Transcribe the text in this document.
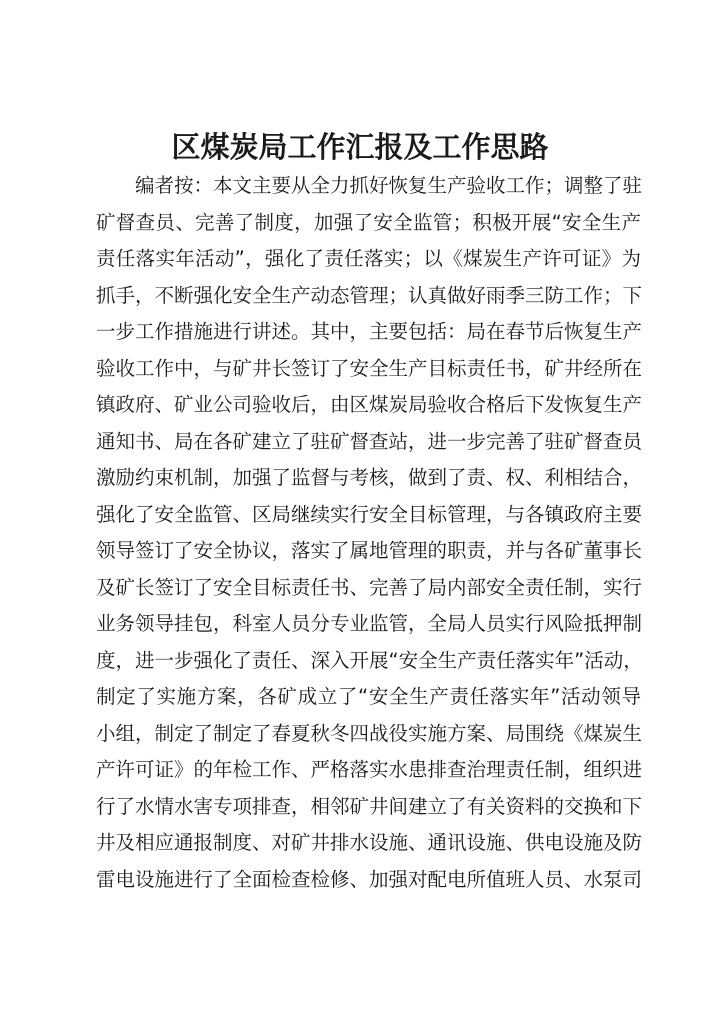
区煤炭局工作汇报及工作思路
编者按：本文主要从全力抓好恢复生产验收工作；调整了驻
矿督查员、完善了制度，加强了安全监管；积极开展“安全生产
责任落实年活动”，强化了责任落实；以《煤炭生产许可证》为
抓手，不断强化安全生产动态管理；认真做好雨季三防工作；下
一步工作措施进行讲述。其中，主要包括：局在春节后恢复生产
验收工作中，与矿井长签订了安全生产目标责任书，矿井经所在
镇政府、矿业公司验收后，由区煤炭局验收合格后下发恢复生产
通知书、局在各矿建立了驻矿督查站，进一步完善了驻矿督查员
激励约束机制，加强了监督与考核，做到了责、权、利相结合，
强化了安全监管、区局继续实行安全目标管理，与各镇政府主要
领导签订了安全协议，落实了属地管理的职责，并与各矿董事长
及矿长签订了安全目标责任书、完善了局内部安全责任制，实行
业务领导挂包，科室人员分专业监管，全局人员实行风险抵押制
度，进一步强化了责任、深入开展“安全生产责任落实年”活动，
制定了实施方案，各矿成立了“安全生产责任落实年”活动领导
小组，制定了制定了春夏秋冬四战役实施方案、局围绕《煤炭生
产许可证》的年检工作、严格落实水患排查治理责任制，组织进
行了水情水害专项排查，相邻矿井间建立了有关资料的交换和下
井及相应通报制度、对矿井排水设施、通讯设施、供电设施及防
雷电设施进行了全面检查检修、加强对配电所值班人员、水泵司
